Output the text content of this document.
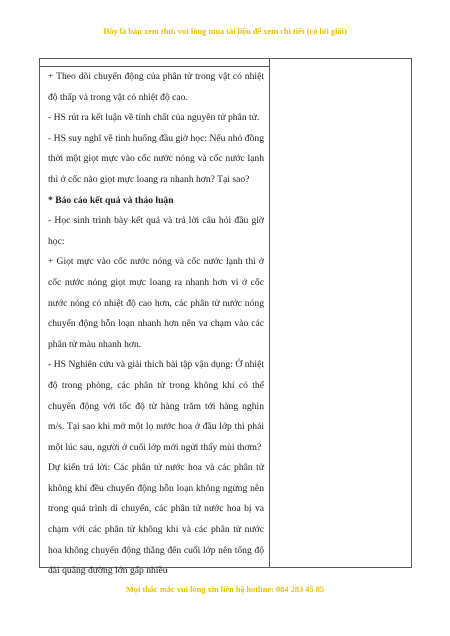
Đây là bản xem thử, vui lòng mua tài liệu để xem chi tiết (có lời giải)

+ Theo dõi chuyển động của phân tử trong vật có nhiệt độ thấp và trong vật có nhiệt độ cao.

- HS rút ra kết luận về tính chất của nguyên tử phân tử.

- HS suy nghĩ về tình huống đầu giờ học: Nếu nhỏ đồng thời một giọt mực vào cốc nước nóng và cốc nước lạnh thì ở cốc nào giọt mực loang ra nhanh hơn? Tại sao?

* Báo cáo kết quả và thảo luận

- Học sinh trình bày kết quả và trả lời câu hỏi đầu giờ học:

+ Giọt mực vào cốc nước nóng và cốc nước lạnh thì ở cốc nước nóng giọt mực loang ra nhanh hơn vì ở cốc nước nóng có nhiệt độ cao hơn, các phân tử nước nóng chuyển động hỗn loạn nhanh hơn nên va chạm vào các phân tử màu nhanh hơn.

- HS Nghiên cứu và giải thích bài tập vận dụng: Ở nhiệt độ trong phòng, các phân tử trong không khí có thể chuyển động với tốc độ từ hàng trăm tới hàng nghìn m/s. Tại sao khi mở một lọ nước hoa ở đầu lớp thì phải một lúc sau, người ở cuối lớp mới ngửi thấy mùi thơm?

Dự kiến trả lời: Các phân tử nước hoa và các phân tử không khí đều chuyển động hỗn loạn không ngừng nên trong quá trình di chuyển, các phân tử nước hoa bị va chạm với các phân tử không khí và các phân tử nước hoa không chuyển động thẳng đến cuối lớp nên tổng độ dài quãng đường lớn gấp nhiều

Mọi thắc mắc vui lòng xin liên hệ hotline: 084 283 45 85
